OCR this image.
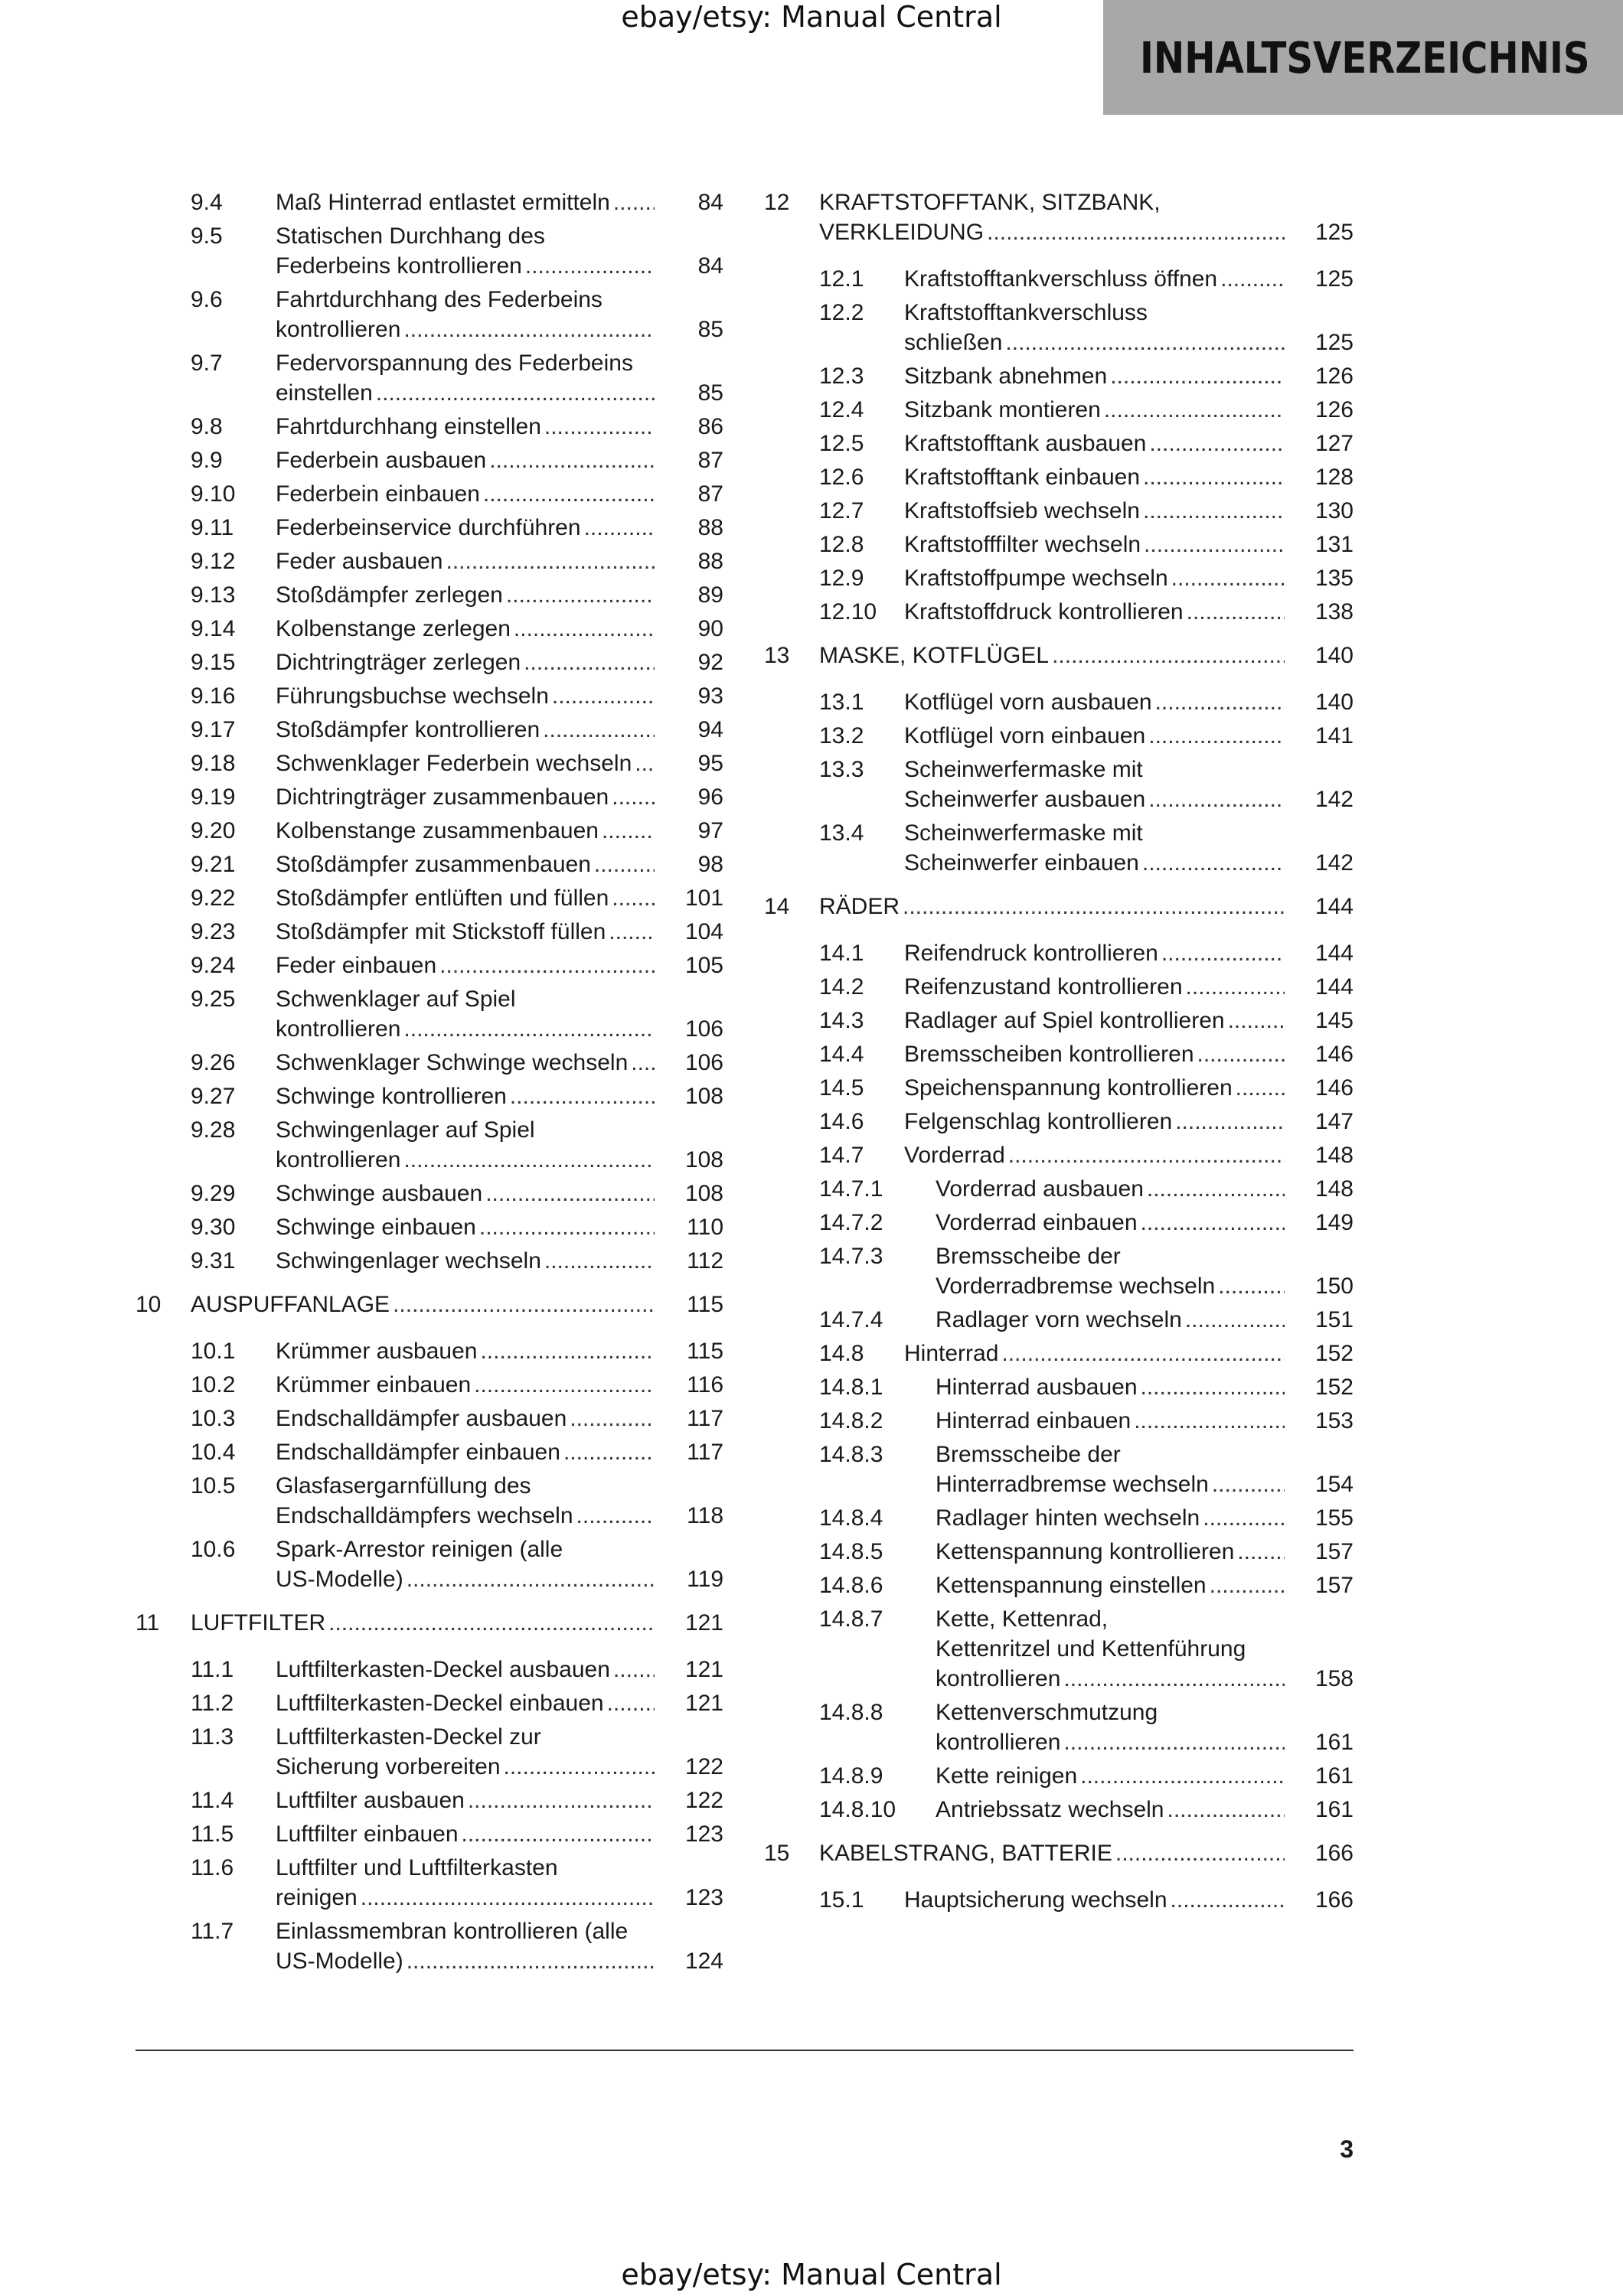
ebay/etsy: Manual Central
INHALTSVERZEICHNIS
9.4 Maß Hinterrad entlastet ermitteln .....	84
9.5 Statischen Durchhang des
Federbeins kontrollieren .....	84
9.6 Fahrtdurchhang des Federbeins
kontrollieren .....	85
9.7 Federvorspannung des Federbeins
einstellen .....	85
9.8 Fahrtdurchhang einstellen .....	86
9.9 Federbein ausbauen .....	87
9.10 Federbein einbauen .....	87
9.11 Federbeinservice durchführen .....	88
9.12 Feder ausbauen .....	88
9.13 Stoßdämpfer zerlegen .....	89
9.14 Kolbenstange zerlegen .....	90
9.15 Dichtringträger zerlegen .....	92
9.16 Führungsbuchse wechseln .....	93
9.17 Stoßdämpfer kontrollieren .....	94
9.18 Schwenklager Federbein wechseln .....	95
9.19 Dichtringträger zusammenbauen .....	96
9.20 Kolbenstange zusammenbauen .....	97
9.21 Stoßdämpfer zusammenbauen .....	98
9.22 Stoßdämpfer entlüften und füllen .....	101
9.23 Stoßdämpfer mit Stickstoff füllen .....	104
9.24 Feder einbauen .....	105
9.25 Schwenklager auf Spiel
kontrollieren .....	106
9.26 Schwenklager Schwinge wechseln .....	106
9.27 Schwinge kontrollieren .....	108
9.28 Schwingenlager auf Spiel
kontrollieren .....	108
9.29 Schwinge ausbauen .....	108
9.30 Schwinge einbauen .....	110
9.31 Schwingenlager wechseln .....	112
10 AUSPUFFANLAGE .....	115
10.1 Krümmer ausbauen .....	115
10.2 Krümmer einbauen .....	116
10.3 Endschalldämpfer ausbauen .....	117
10.4 Endschalldämpfer einbauen .....	117
10.5 Glasfasergarnfüllung des
Endschalldämpfers wechseln .....	118
10.6 Spark-Arrestor reinigen (alle
US-Modelle) .....	119
11 LUFTFILTER .....	121
11.1 Luftfilterkasten-Deckel ausbauen .....	121
11.2 Luftfilterkasten-Deckel einbauen .....	121
11.3 Luftfilterkasten-Deckel zur
Sicherung vorbereiten .....	122
11.4 Luftfilter ausbauen .....	122
11.5 Luftfilter einbauen .....	123
11.6 Luftfilter und Luftfilterkasten
reinigen .....	123
11.7 Einlassmembran kontrollieren (alle
US-Modelle) .....	124
12 KRAFTSTOFFTANK, SITZBANK,
VERKLEIDUNG .....	125
12.1 Kraftstofftankverschluss öffnen .....	125
12.2 Kraftstofftankverschluss
schließen .....	125
12.3 Sitzbank abnehmen .....	126
12.4 Sitzbank montieren .....	126
12.5 Kraftstofftank ausbauen .....	127
12.6 Kraftstofftank einbauen .....	128
12.7 Kraftstoffsieb wechseln .....	130
12.8 Kraftstofffilter wechseln .....	131
12.9 Kraftstoffpumpe wechseln .....	135
12.10 Kraftstoffdruck kontrollieren .....	138
13 MASKE, KOTFLÜGEL .....	140
13.1 Kotflügel vorn ausbauen .....	140
13.2 Kotflügel vorn einbauen .....	141
13.3 Scheinwerfermaske mit
Scheinwerfer ausbauen .....	142
13.4 Scheinwerfermaske mit
Scheinwerfer einbauen .....	142
14 RÄDER .....	144
14.1 Reifendruck kontrollieren .....	144
14.2 Reifenzustand kontrollieren .....	144
14.3 Radlager auf Spiel kontrollieren .....	145
14.4 Bremsscheiben kontrollieren .....	146
14.5 Speichenspannung kontrollieren .....	146
14.6 Felgenschlag kontrollieren .....	147
14.7 Vorderrad .....	148
14.7.1 Vorderrad ausbauen .....	148
14.7.2 Vorderrad einbauen .....	149
14.7.3 Bremsscheibe der
Vorderradbremse wechseln .....	150
14.7.4 Radlager vorn wechseln .....	151
14.8 Hinterrad .....	152
14.8.1 Hinterrad ausbauen .....	152
14.8.2 Hinterrad einbauen .....	153
14.8.3 Bremsscheibe der
Hinterradbremse wechseln .....	154
14.8.4 Radlager hinten wechseln .....	155
14.8.5 Kettenspannung kontrollieren .....	157
14.8.6 Kettenspannung einstellen .....	157
14.8.7 Kette, Kettenrad,
Kettenritzel und Kettenführung
kontrollieren .....	158
14.8.8 Kettenverschmutzung
kontrollieren .....	161
14.8.9 Kette reinigen .....	161
14.8.10 Antriebssatz wechseln .....	161
15 KABELSTRANG, BATTERIE .....	166
15.1 Hauptsicherung wechseln .....	166
3
ebay/etsy: Manual Central
